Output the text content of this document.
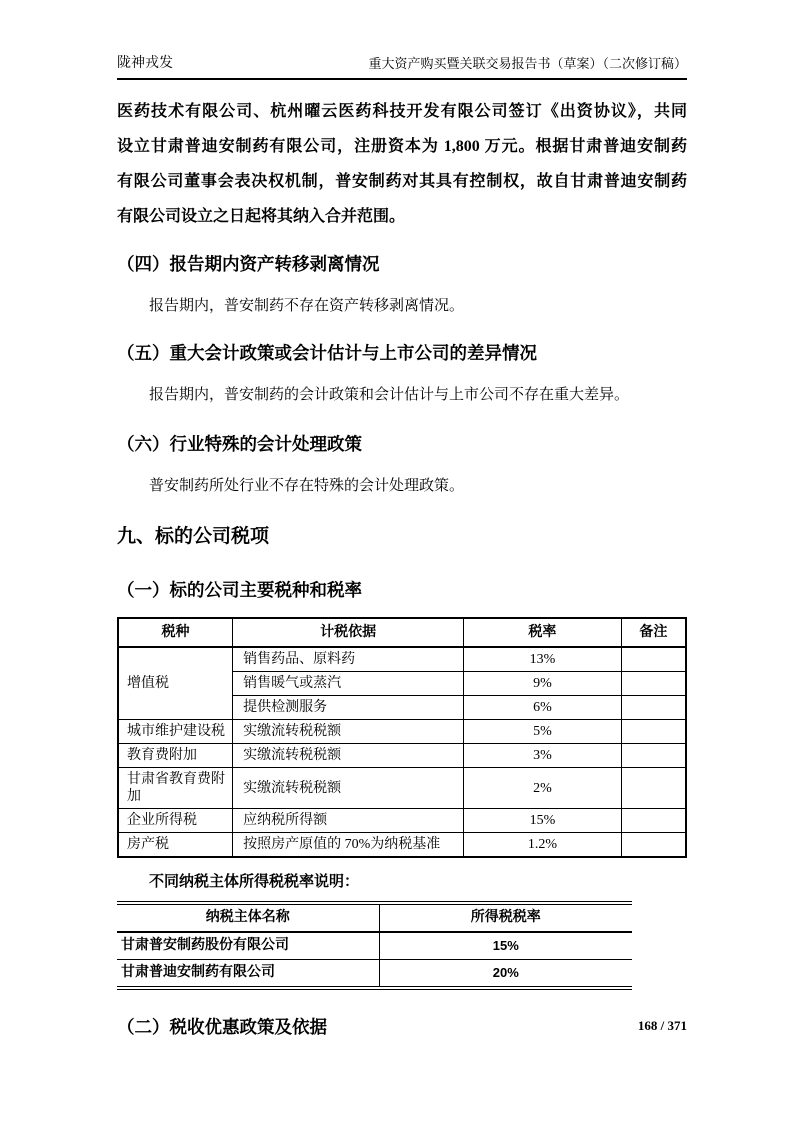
陇神戎发	重大资产购买暨关联交易报告书（草案）（二次修订稿）
医药技术有限公司、杭州曜云医药科技开发有限公司签订《出资协议》，共同
设立甘肃普迪安制药有限公司，注册资本为 1,800 万元。根据甘肃普迪安制药
有限公司董事会表决权机制，普安制药对其具有控制权，故自甘肃普迪安制药
有限公司设立之日起将其纳入合并范围。
（四）报告期内资产转移剥离情况
报告期内，普安制药不存在资产转移剥离情况。
（五）重大会计政策或会计估计与上市公司的差异情况
报告期内，普安制药的会计政策和会计估计与上市公司不存在重大差异。
（六）行业特殊的会计处理政策
普安制药所处行业不存在特殊的会计处理政策。
九、标的公司税项
（一）标的公司主要税种和税率
税种	计税依据	税率	备注
增值税	销售药品、原料药	13%	
	销售暖气或蒸汽	9%	
	提供检测服务	6%	
城市维护建设税	实缴流转税税额	5%	
教育费附加	实缴流转税税额	3%	
甘肃省教育费附加	实缴流转税税额	2%	
企业所得税	应纳税所得额	15%	
房产税	按照房产原值的 70%为纳税基准	1.2%	
不同纳税主体所得税税率说明：
纳税主体名称	所得税税率
甘肃普安制药股份有限公司	15%
甘肃普迪安制药有限公司	20%
（二）税收优惠政策及依据	168 / 371
